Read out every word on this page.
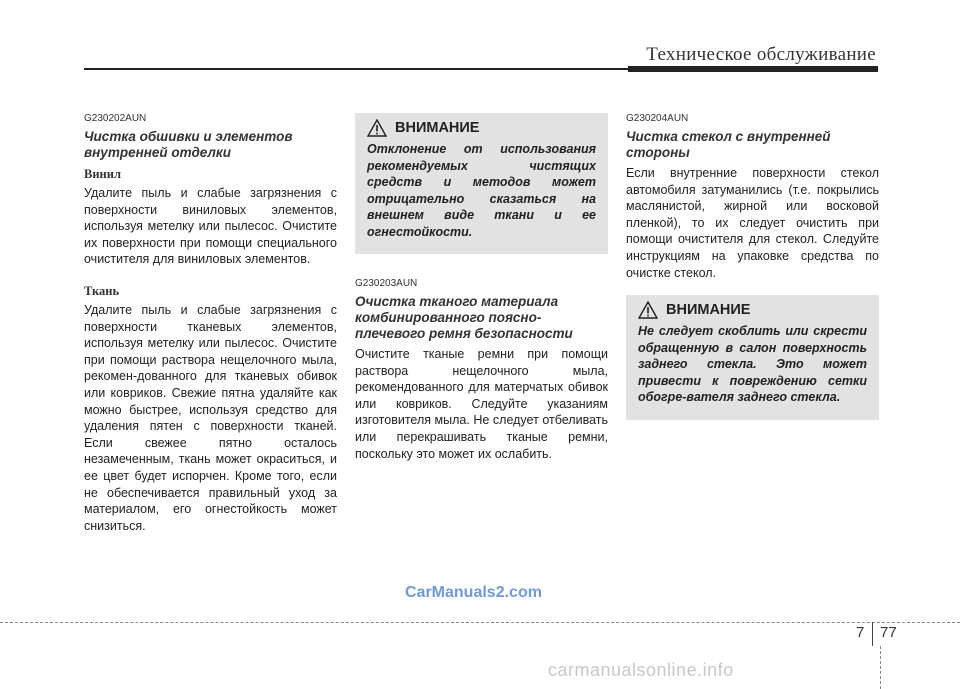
Техническое обслуживание

G230202AUN

Чистка обшивки и элементов внутренней отделки

Винил

Удалите пыль и слабые загрязнения с поверхности виниловых элементов, используя метелку или пылесос. Очистите их поверхности при помощи специального очистителя для виниловых элементов.

Ткань

Удалите пыль и слабые загрязнения с поверхности тканевых элементов, используя метелку или пылесос. Очистите при помощи раствора нещелочного мыла, рекомен-дованного для тканевых обивок или ковриков. Свежие пятна удаляйте как можно быстрее, используя средство для удаления пятен с поверхности тканей. Если свежее пятно осталось незамеченным, ткань может окраситься, и ее цвет будет испорчен. Кроме того, если не обеспечивается правильный уход за материалом, его огнестойкость может снизиться.

ВНИМАНИЕ

Отклонение от использования рекомендуемых чистящих средств и методов может отрицательно сказаться на внешнем виде ткани и ее огнестойкости.

G230203AUN

Очистка тканого материала комбинированного поясно-плечевого ремня безопасности

Очистите тканые ремни при помощи раствора нещелочного мыла, рекомендованного для матерчатых обивок или ковриков. Следуйте указаниям изготовителя мыла. Не следует отбеливать или перекрашивать тканые ремни, поскольку это может их ослабить.

G230204AUN

Чистка стекол с внутренней стороны

Если внутренние поверхности стекол автомобиля затуманились (т.е. покрылись маслянистой, жирной или восковой пленкой), то их следует очистить при помощи очистителя для стекол. Следуйте инструкциям на упаковке средства по очистке стекол.

ВНИМАНИЕ

Не следует скоблить или скрести обращенную в салон поверхность заднего стекла. Это может привести к повреждению сетки обогре-вателя заднего стекла.

CarManuals2.com
7 77
carmanualsonline.info
